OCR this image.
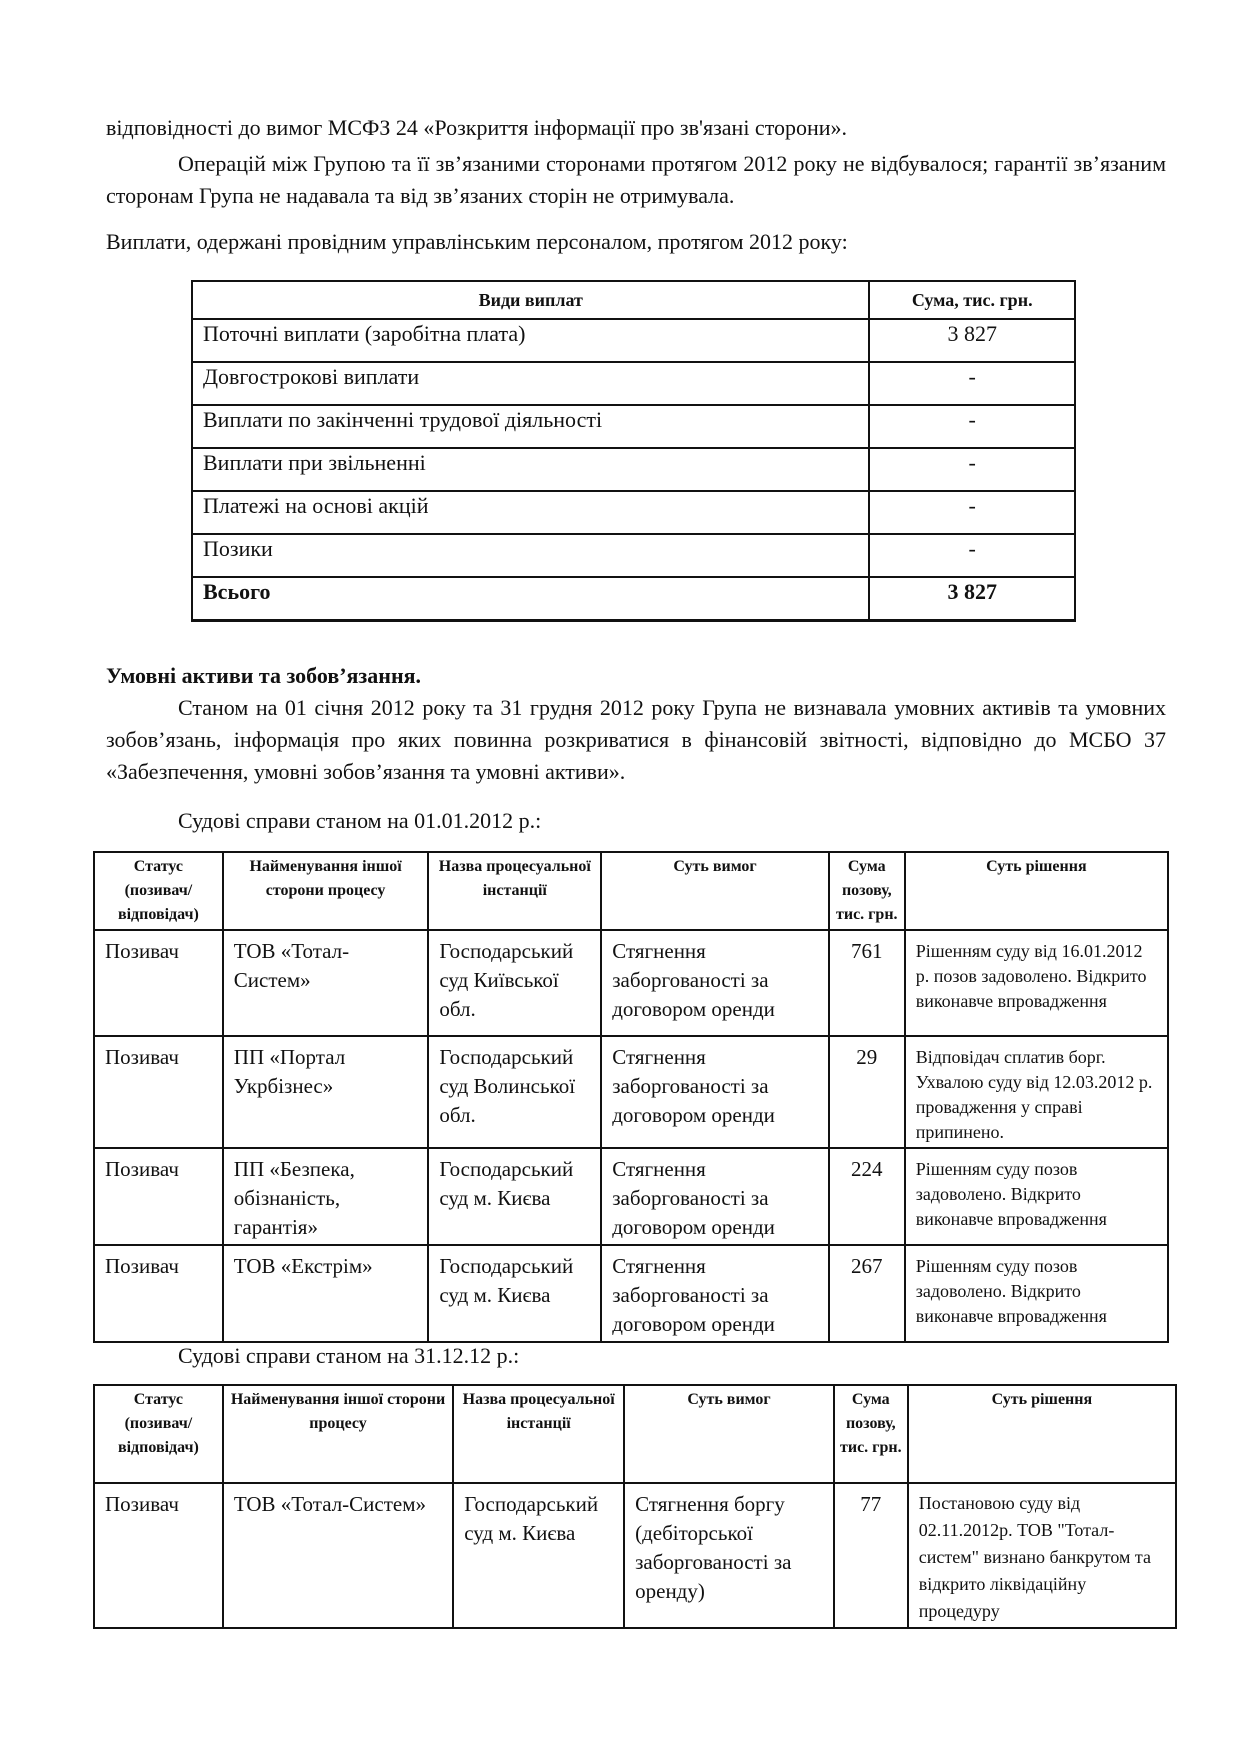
відповідності до вимог МСФЗ 24 «Розкриття інформації про зв'язані сторони».
Операцій між Групою та її зв’язаними сторонами протягом 2012 року не відбувалося; гарантії зв’язаним сторонам Група не надавала та від зв’язаних сторін не отримувала.
Виплати, одержані провідним управлінським персоналом, протягом 2012 року:
Види виплат	Сума, тис. грн.
Поточні виплати (заробітна плата)	3 827
Довгострокові виплати	-
Виплати по закінченні трудової діяльності	-
Виплати при звільненні	-
Платежі на основі акцій	-
Позики	-
Всього	3 827
Умовні активи та зобов’язання.
Станом на 01 січня 2012 року та 31 грудня 2012 року Група не визнавала умовних активів та умовних зобов’язань, інформація про яких повинна розкриватися в фінансовій звітності, відповідно до МСБО 37 «Забезпечення, умовні зобов’язання та умовні активи».
Судові справи станом на 01.01.2012 р.:
Статус (позивач/ відповідач)	Найменування іншої сторони процесу	Назва процесуальної інстанції	Суть вимог	Сума позову, тис. грн.	Суть рішення
Позивач	ТОВ «Тотал-Систем»	Господарський суд Київської обл.	Стягнення заборгованості за договором оренди	761	Рішенням суду від 16.01.2012 р. позов задоволено. Відкрито виконавче впровадження
Позивач	ПП «Портал Укрбізнес»	Господарський суд Волинської обл.	Стягнення заборгованості за договором оренди	29	Відповідач сплатив борг. Ухвалою суду від 12.03.2012 р. провадження у справі припинено.
Позивач	ПП «Безпека, обізнаність, гарантія»	Господарський суд м. Києва	Стягнення заборгованості за договором оренди	224	Рішенням суду позов задоволено. Відкрито виконавче впровадження
Позивач	ТОВ «Екстрім»	Господарський суд м. Києва	Стягнення заборгованості за договором оренди	267	Рішенням суду позов задоволено. Відкрито виконавче впровадження
Судові справи станом на 31.12.12 р.:
Статус (позивач/ відповідач)	Найменування іншої сторони процесу	Назва процесуальної інстанції	Суть вимог	Сума позову, тис. грн.	Суть рішення
Позивач	ТОВ «Тотал-Систем»	Господарський суд м. Києва	Стягнення боргу (дебіторської заборгованості за оренду)	77	Постановою суду від 02.11.2012р. ТОВ "Тотал-систем" визнано банкрутом та відкрито ліквідаційну процедуру
